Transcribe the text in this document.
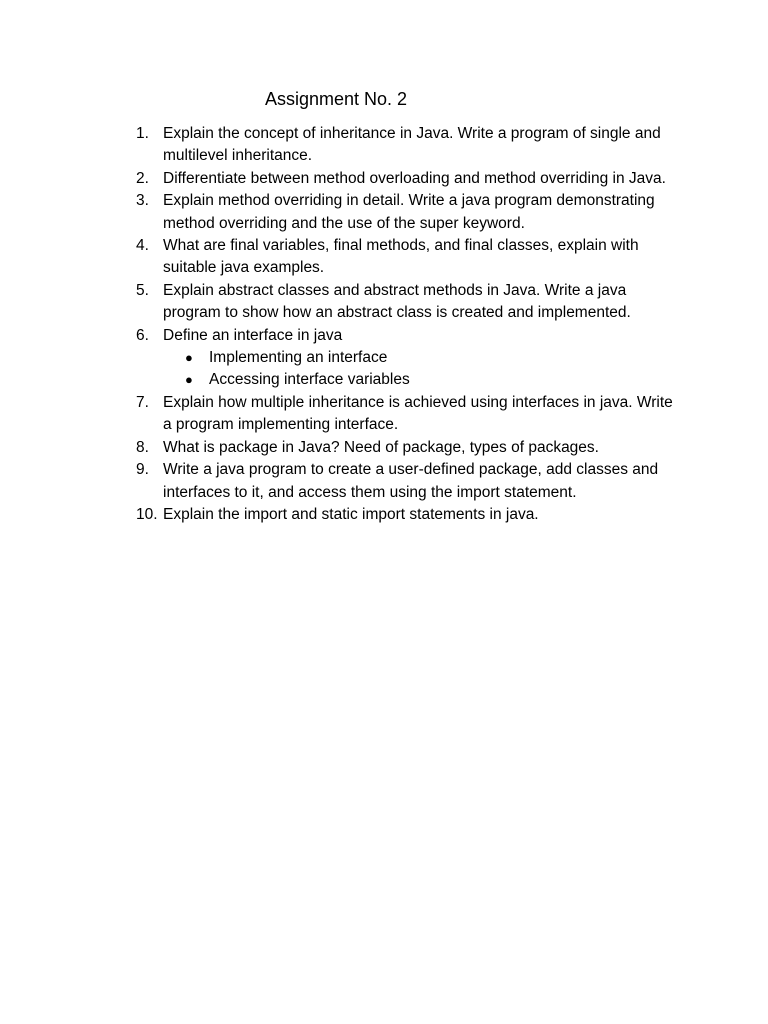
Assignment No. 2
1. Explain the concept of inheritance in Java. Write a program of single and multilevel inheritance.
2. Differentiate between method overloading and method overriding in Java.
3. Explain method overriding in detail. Write a java program demonstrating method overriding and the use of the super keyword.
4. What are final variables, final methods, and final classes, explain with suitable java examples.
5. Explain abstract classes and abstract methods in Java. Write a java program to show how an abstract class is created and implemented.
6. Define an interface in java
● Implementing an interface
● Accessing interface variables
7. Explain how multiple inheritance is achieved using interfaces in java. Write a program implementing interface.
8. What is package in Java? Need of package, types of packages.
9. Write a java program to create a user-defined package, add classes and interfaces to it, and access them using the import statement.
10. Explain the import and static import statements in java.
